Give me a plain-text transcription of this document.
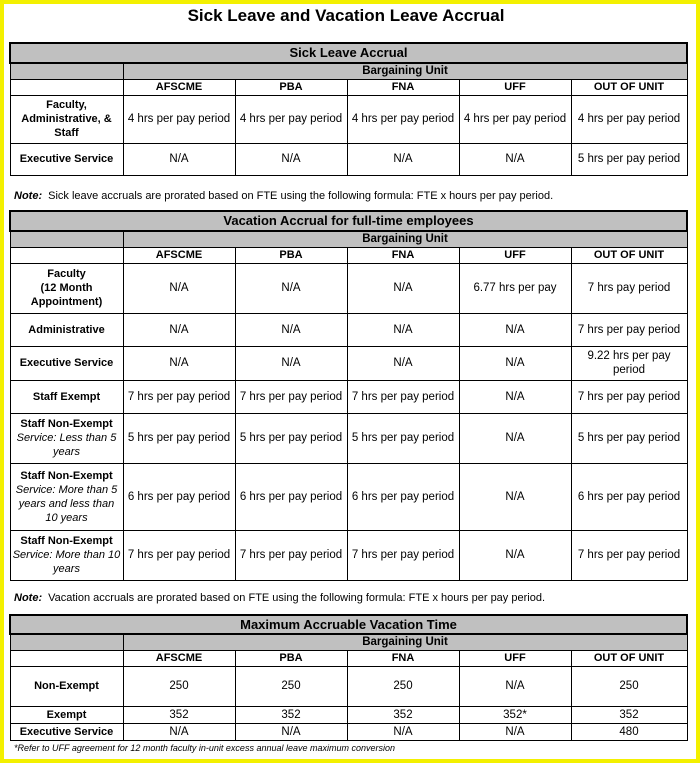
Sick Leave and Vacation Leave Accrual
Sick Leave Accrual					
	Bargaining Unit				
	AFSCME	PBA	FNA	UFF	OUT OF UNIT
Faculty, Administrative, & Staff	4 hrs per pay period	4 hrs per pay period	4 hrs per pay period	4 hrs per pay period	4 hrs per pay period
Executive Service	N/A	N/A	N/A	N/A	5 hrs per pay period
Note: Sick leave accruals are prorated based on FTE using the following formula: FTE x hours per pay period.
Vacation Accrual for full-time employees					
	Bargaining Unit				
	AFSCME	PBA	FNA	UFF	OUT OF UNIT

Faculty
(12 Month Appointment)	N/A	N/A	N/A	6.77 hrs per pay	7 hrs pay period
Administrative	N/A	N/A	N/A	N/A	7 hrs per pay period
Executive Service	N/A	N/A	N/A	N/A	9.22 hrs per pay period
Staff Exempt	7 hrs per pay period	7 hrs per pay period	7 hrs per pay period	N/A	7 hrs per pay period

Staff Non-Exempt
Service: Less than 5 years	5 hrs per pay period	5 hrs per pay period	5 hrs per pay period	N/A	5 hrs per pay period

Staff Non-Exempt
Service: More than 5 years and less than 10 years	6 hrs per pay period	6 hrs per pay period	6 hrs per pay period	N/A	6 hrs per pay period

Staff Non-Exempt
Service: More than 10 years	7 hrs per pay period	7 hrs per pay period	7 hrs per pay period	N/A	7 hrs per pay period
Note: Vacation accruals are prorated based on FTE using the following formula: FTE x hours per pay period.
Maximum Accruable Vacation Time					
	Bargaining Unit				
	AFSCME	PBA	FNA	UFF	OUT OF UNIT
Non-Exempt	250	250	250	N/A	250
Exempt	352	352	352	352*	352
Executive Service	N/A	N/A	N/A	N/A	480
*Refer to UFF agreement for 12 month faculty in-unit excess annual leave maximum conversion
